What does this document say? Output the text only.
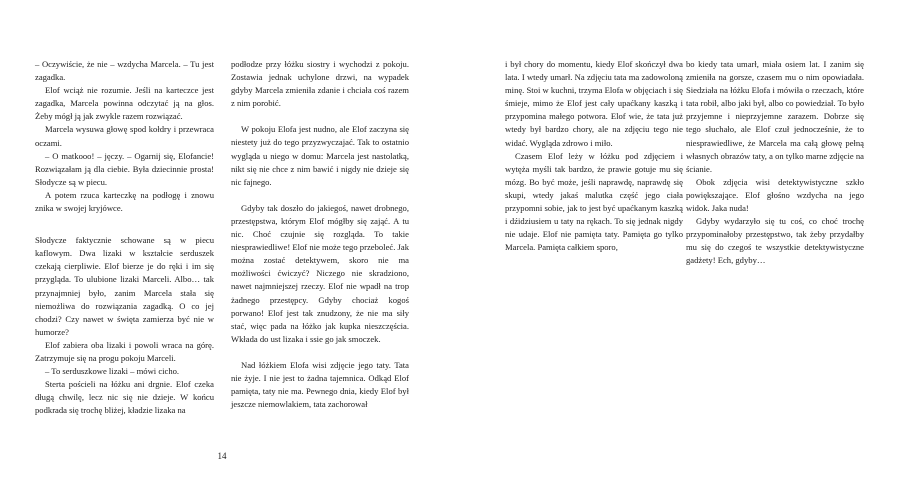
– Oczywiście, że nie – wzdycha Marcela. – Tu jest zagadka.

Elof wciąż nie rozumie. Jeśli na karteczce jest zagadka, Marcela powinna odczytać ją na głos. Żeby mógł ją jak zwykle razem rozwiązać.

Marcela wysuwa głowę spod kołdry i przewraca oczami.

– O matkooo! – jęczy. – Ogarnij się, Elofancie! Rozwiązałam ją dla ciebie. Była dziecinnie prosta! Słodycze są w piecu.

A potem rzuca karteczkę na podłogę i znowu znika w swojej kryjówce.

Słodycze faktycznie schowane są w piecu kaflowym. Dwa lizaki w kształcie serduszek czekają cierpliwie. Elof bierze je do ręki i im się przygląda. To ulubione lizaki Marceli. Albo… tak przynajmniej było, zanim Marcela stała się niemożliwa do rozwiązania zagadką. O co jej chodzi? Czy nawet w święta zamierza być nie w humorze?

Elof zabiera oba lizaki i powoli wraca na górę. Zatrzymuje się na progu pokoju Marceli.

– To serduszkowe lizaki – mówi cicho.

Sterta pościeli na łóżku ani drgnie. Elof czeka długą chwilę, lecz nic się nie dzieje. W końcu podkrada się trochę bliżej, kładzie lizaka na

podłodze przy łóżku siostry i wychodzi z pokoju. Zostawia jednak uchylone drzwi, na wypadek gdyby Marcela zmieniła zdanie i chciała coś razem z nim porobić.

W pokoju Elofa jest nudno, ale Elof zaczyna się niestety już do tego przyzwyczajać. Tak to ostatnio wygląda u niego w domu: Marcela jest nastolatką, nikt się nie chce z nim bawić i nigdy nie dzieje się nic fajnego.

Gdyby tak doszło do jakiegoś, nawet drobnego, przestępstwa, którym Elof mógłby się zająć. A tu nic. Choć czujnie się rozgląda. To takie niesprawiedliwe! Elof nie może tego przeboleć. Jak można zostać detektywem, skoro nie ma możliwości ćwiczyć? Niczego nie skradziono, nawet najmniejszej rzeczy. Elof nie wpadł na trop żadnego przestępcy. Gdyby chociaż kogoś porwano! Elof jest tak znudzony, że nie ma siły stać, więc pada na łóżko jak kupka nieszczęścia. Wkłada do ust lizaka i ssie go jak smoczek.

Nad łóżkiem Elofa wisi zdjęcie jego taty. Tata nie żyje. I nie jest to żadna tajemnica. Odkąd Elof pamięta, taty nie ma. Pewnego dnia, kiedy Elof był jeszcze niemowlakiem, tata zachorował

14

i był chory do momentu, kiedy Elof skończył dwa lata. I wtedy umarł. Na zdjęciu tata ma zadowoloną minę. Stoi w kuchni, trzyma Elofa w objęciach i się śmieje, mimo że Elof jest cały upaćkany kaszką i przypomina małego potwora. Elof wie, że tata już wtedy był bardzo chory, ale na zdjęciu tego nie widać. Wygląda zdrowo i miło.

Czasem Elof leży w łóżku pod zdjęciem i wytęża myśli tak bardzo, że prawie gotuje mu się mózg. Bo być może, jeśli naprawdę, naprawdę się skupi, wtedy jakaś malutka część jego ciała przypomni sobie, jak to jest być upaćkanym kaszką i dźidziusiem u taty na rękach. To się jednak nigdy nie udaje. Elof nie pamięta taty. Pamięta go tylko Marcela. Pamięta całkiem sporo,

bo kiedy tata umarł, miała osiem lat. I zanim się zmieniła na gorsze, czasem mu o nim opowiadała. Siedziała na łóżku Elofa i mówiła o rzeczach, które tata robił, albo jaki był, albo co powiedział. To było przyjemne i nieprzyjemne zarazem. Dobrze się tego słuchało, ale Elof czuł jednocześnie, że to niesprawiedliwe, że Marcela ma całą głowę pełną własnych obrazów taty, a on tylko marne zdjęcie na ścianie.

Obok zdjęcia wisi detektywistyczne szkło powiększające. Elof głośno wzdycha na jego widok. Jaka nuda!

Gdyby wydarzyło się tu coś, co choć trochę przypominałoby przestępstwo, tak żeby przydałby mu się do czegoś te wszystkie detektywistyczne gadżety! Ech, gdyby…
